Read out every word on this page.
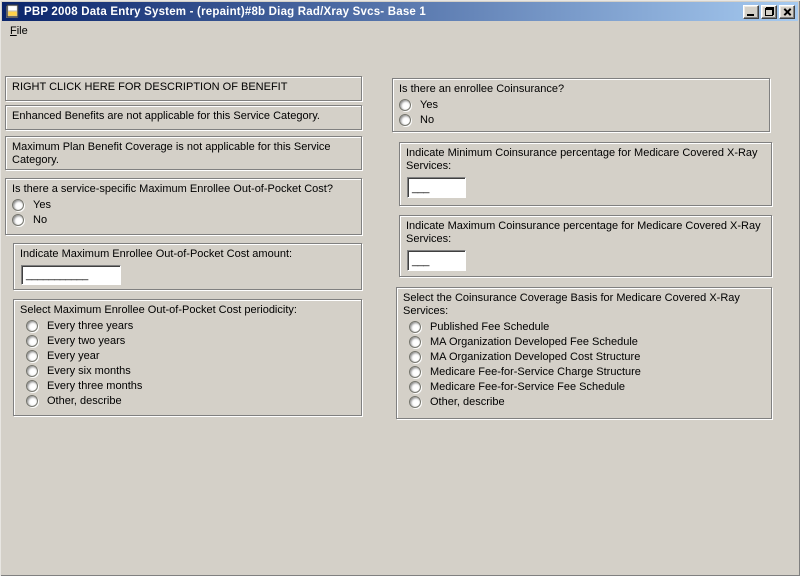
PBP 2008 Data Entry System - (repaint)#8b Diag Rad/Xray Svcs- Base 1
File
RIGHT CLICK HERE FOR DESCRIPTION OF BENEFIT
Enhanced Benefits are not applicable for this Service Category.
Maximum Plan Benefit Coverage is not applicable for this Service Category.
Is there a service-specific Maximum Enrollee Out-of-Pocket Cost?
Yes
No
Indicate Maximum Enrollee Out-of-Pocket Cost amount:
___________
Select Maximum Enrollee Out-of-Pocket Cost periodicity:
Every three years
Every two years
Every year
Every six months
Every three months
Other, describe
Is there an enrollee Coinsurance?
Yes
No
Indicate Minimum Coinsurance percentage for Medicare Covered X-Ray Services:
___
Indicate Maximum Coinsurance percentage for Medicare Covered X-Ray Services:
___
Select the Coinsurance Coverage Basis for Medicare Covered X-Ray Services:
Published Fee Schedule
MA Organization Developed Fee Schedule
MA Organization Developed Cost Structure
Medicare Fee-for-Service Charge Structure
Medicare Fee-for-Service Fee Schedule
Other, describe
